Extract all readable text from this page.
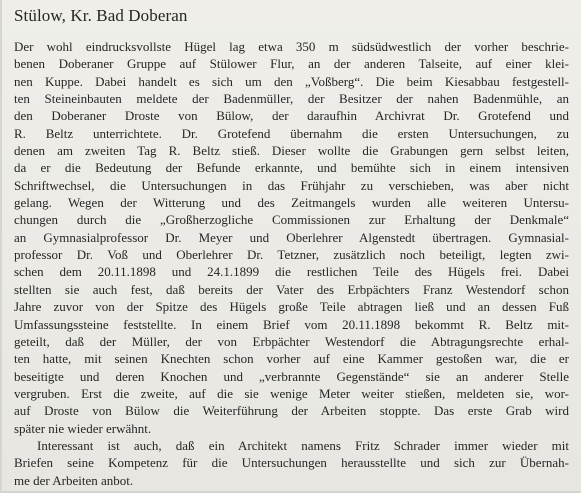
Stülow, Kr. Bad Doberan
Der wohl eindrucksvollste Hügel lag etwa 350 m südsüdwestlich der vorher beschrie-
benen Doberaner Gruppe auf Stülower Flur, an der anderen Talseite, auf einer klei-
nen Kuppe. Dabei handelt es sich um den „Voßberg“. Die beim Kiesabbau festgestell-
ten Steineinbauten meldete der Badenmüller, der Besitzer der nahen Badenmühle, an
den Doberaner Droste von Bülow, der daraufhin Archivrat Dr. Grotefend und
R. Beltz unterrichtete. Dr. Grotefend übernahm die ersten Untersuchungen, zu
denen am zweiten Tag R. Beltz stieß. Dieser wollte die Grabungen gern selbst leiten,
da er die Bedeutung der Befunde erkannte, und bemühte sich in einem intensiven
Schriftwechsel, die Untersuchungen in das Frühjahr zu verschieben, was aber nicht
gelang. Wegen der Witterung und des Zeitmangels wurden alle weiteren Untersu-
chungen durch die „Großherzogliche Commissionen zur Erhaltung der Denkmale“
an Gymnasialprofessor Dr. Meyer und Oberlehrer Algenstedt übertragen. Gymnasial-
professor Dr. Voß und Oberlehrer Dr. Tetzner, zusätzlich noch beteiligt, legten zwi-
schen dem 20.11.1898 und 24.1.1899 die restlichen Teile des Hügels frei. Dabei
stellten sie auch fest, daß bereits der Vater des Erbpächters Franz Westendorf schon
Jahre zuvor von der Spitze des Hügels große Teile abtragen ließ und an dessen Fuß
Umfassungssteine feststellte. In einem Brief vom 20.11.1898 bekommt R. Beltz mit-
geteilt, daß der Müller, der von Erbpächter Westendorf die Abtragungsrechte erhal-
ten hatte, mit seinen Knechten schon vorher auf eine Kammer gestoßen war, die er
beseitigte und deren Knochen und „verbrannte Gegenstände“ sie an anderer Stelle
vergruben. Erst die zweite, auf die sie wenige Meter weiter stießen, meldeten sie, wor-
auf Droste von Bülow die Weiterführung der Arbeiten stoppte. Das erste Grab wird
später nie wieder erwähnt.
Interessant ist auch, daß ein Architekt namens Fritz Schrader immer wieder mit
Briefen seine Kompetenz für die Untersuchungen herausstellte und sich zur Übernah-
me der Arbeiten anbot.
